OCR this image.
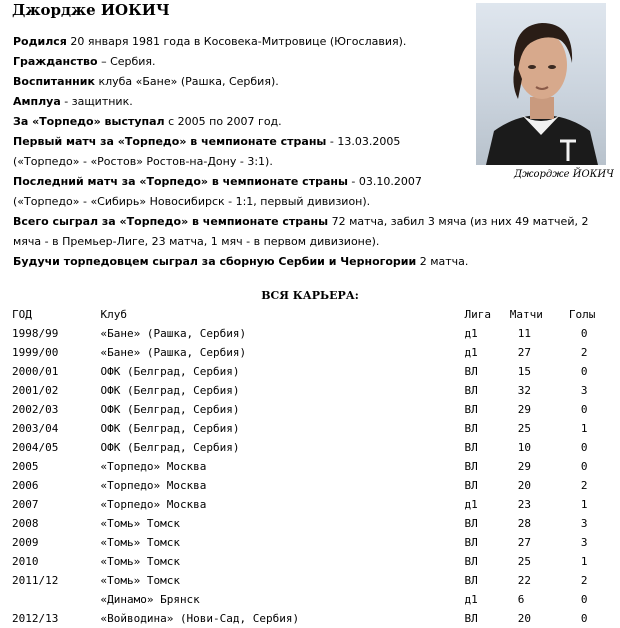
Джордже ИОКИЧ

Родился 20 января 1981 года в Косовека-Митровице (Югославия).

Гражданство – Сербия.

Воспитанник клуба «Бане» (Рашка, Сербия).

Амплуа - защитник.

За «Торпедо» выступал с 2005 по 2007 год.

Первый матч за «Торпедо» в чемпионате страны - 13.03.2005 («Торпедо» - «Ростов» Ростов-на-Дону - 3:1).

Последний матч за «Торпедо» в чемпионате страны - 03.10.2007 («Торпедо» - «Сибирь» Новосибирск - 1:1, первый дивизион).

Всего сыграл за «Торпедо» в чемпионате страны 72 матча, забил 3 мяча (из них 49 матчей, 2 мяча - в Премьер-Лиге, 23 матча, 1 мяч - в первом дивизионе).

Будучи торпедовцем сыграл за сборную Сербии и Черногории 2 матча.

Джордже ЙОКИЧ
ВСЯ КАРЬЕРА:
ГОД	Клуб	Лига	Матчи	Голы
1998/99	«Бане» (Рашка, Сербия)	д1	11	0
1999/00	«Бане» (Рашка, Сербия)	д1	27	2
2000/01	ОФК (Белград, Сербия)	ВЛ	15	0
2001/02	ОФК (Белград, Сербия)	ВЛ	32	3
2002/03	ОФК (Белград, Сербия)	ВЛ	29	0
2003/04	ОФК (Белград, Сербия)	ВЛ	25	1
2004/05	ОФК (Белград, Сербия)	ВЛ	10	0
2005	«Торпедо» Москва	ВЛ	29	0
2006	«Торпедо» Москва	ВЛ	20	2
2007	«Торпедо» Москва	д1	23	1
2008	«Томь» Томск	ВЛ	28	3
2009	«Томь» Томск	ВЛ	27	3
2010	«Томь» Томск	ВЛ	25	1
2011/12	«Томь» Томск	ВЛ	22	2
	«Динамо» Брянск	д1	6	0
2012/13	«Войводина» (Нови-Сад, Сербия)	ВЛ	20	0
